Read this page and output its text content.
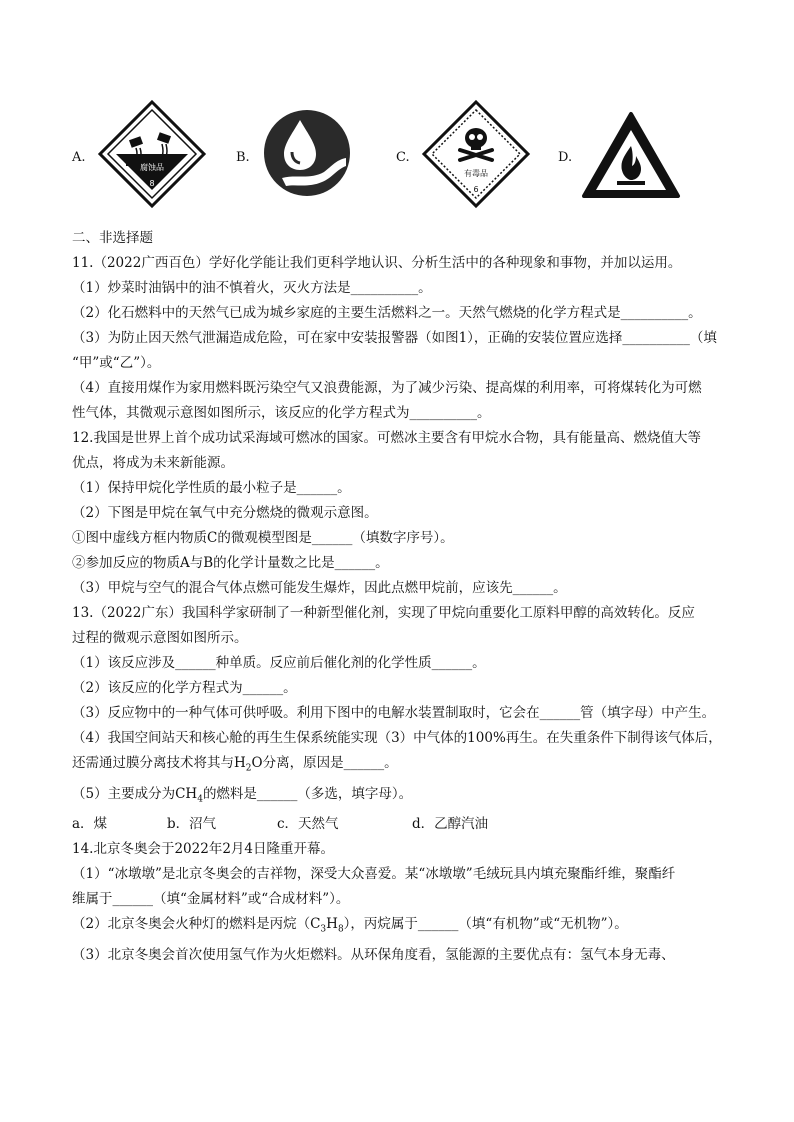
A.
腐蚀品
8
B.	C.
有毒品
6
D.
二、非选择题
11.（2022广西百色）学好化学能让我们更科学地认识、分析生活中的各种现象和事物，并加以运用。
（1）炒菜时油锅中的油不慎着火，灭火方法是__________。
（2）化石燃料中的天然气已成为城乡家庭的主要生活燃料之一。天然气燃烧的化学方程式是__________。
（3）为防止因天然气泄漏造成危险，可在家中安装报警器（如图1），正确的安装位置应选择__________（填
“甲”或“乙”）。
（4）直接用煤作为家用燃料既污染空气又浪费能源，为了减少污染、提高煤的利用率，可将煤转化为可燃
性气体，其微观示意图如图所示，该反应的化学方程式为__________。
12.我国是世界上首个成功试采海域可燃冰的国家。可燃冰主要含有甲烷水合物，具有能量高、燃烧值大等
优点，将成为未来新能源。
（1）保持甲烷化学性质的最小粒子是______。
（2）下图是甲烷在氧气中充分燃烧的微观示意图。
①图中虚线方框内物质C的微观模型图是______（填数字序号）。
②参加反应的物质A与B的化学计量数之比是______。
（3）甲烷与空气的混合气体点燃可能发生爆炸，因此点燃甲烷前，应该先______。
13.（2022广东）我国科学家研制了一种新型催化剂，实现了甲烷向重要化工原料甲醇的高效转化。反应
过程的微观示意图如图所示。
（1）该反应涉及______种单质。反应前后催化剂的化学性质______。
（2）该反应的化学方程式为______。
（3）反应物中的一种气体可供呼吸。利用下图中的电解水装置制取时，它会在______管（填字母）中产生。
（4）我国空间站天和核心舱的再生生保系统能实现（3）中气体的100%再生。在失重条件下制得该气体后，
还需通过膜分离技术将其与$H_2O$分离，原因是______。
（5）主要成分为$CH_4$的燃料是______（多选，填字母）。
a．煤	b．沼气	c．天然气	d．乙醇汽油
14.北京冬奥会于2022年2月4日隆重开幕。
（1）“冰墩墩”是北京冬奥会的吉祥物，深受大众喜爱。某“冰墩墩”毛绒玩具内填充聚酯纤维，聚酯纤
维属于______（填“金属材料”或“合成材料”）。
（2）北京冬奥会火种灯的燃料是丙烷$(C_3H_8)$，丙烷属于______（填“有机物”或“无机物”）。
（3）北京冬奥会首次使用氢气作为火炬燃料。从环保角度看，氢能源的主要优点有：氢气本身无毒、
